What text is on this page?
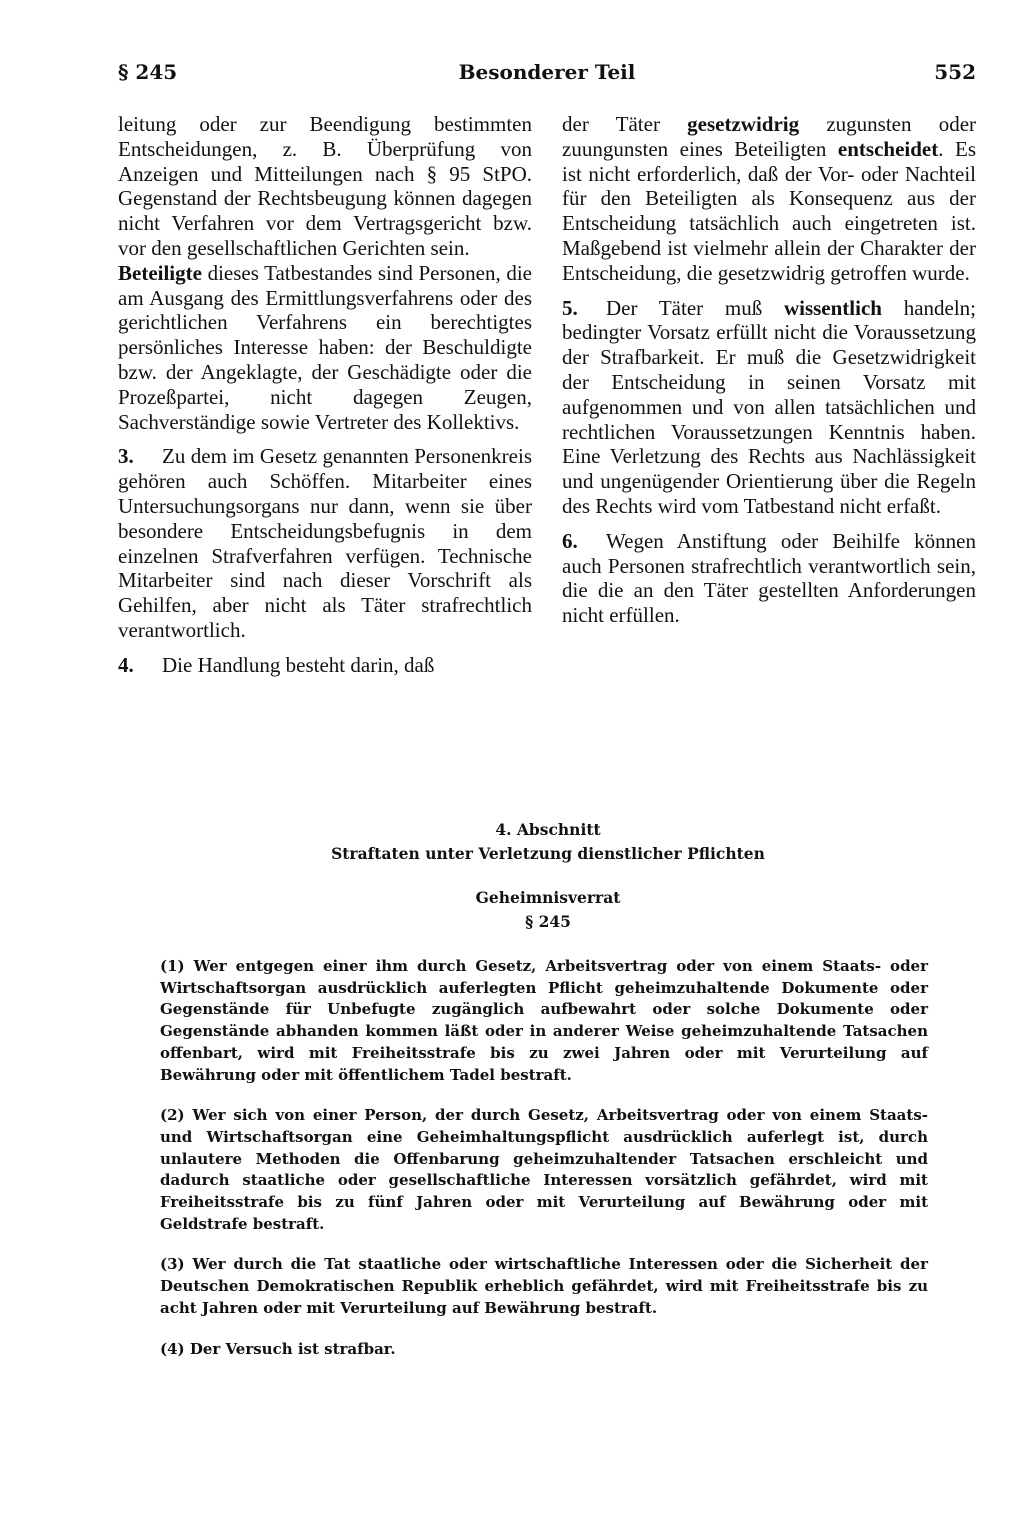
§ 245	Besonderer Teil	552

leitung oder zur Beendigung bestimmten Entscheidungen, z. B. Überprüfung von Anzeigen und Mitteilungen nach § 95 StPO. Gegenstand der Rechtsbeugung können dagegen nicht Verfahren vor dem Vertragsgericht bzw. vor den gesellschaftlichen Gerichten sein.

Beteiligte dieses Tatbestandes sind Personen, die am Ausgang des Ermittlungsverfahrens oder des gerichtlichen Verfahrens ein berechtigtes persönliches Interesse haben: der Beschuldigte bzw. der Angeklagte, der Geschädigte oder die Prozeßpartei, nicht dagegen Zeugen, Sachverständige sowie Vertreter des Kollektivs.

3. Zu dem im Gesetz genannten Personenkreis gehören auch Schöffen. Mitarbeiter eines Untersuchungsorgans nur dann, wenn sie über besondere Entscheidungsbefugnis in dem einzelnen Strafverfahren verfügen. Technische Mitarbeiter sind nach dieser Vorschrift als Gehilfen, aber nicht als Täter strafrechtlich verantwortlich.

4. Die Handlung besteht darin, daß

der Täter gesetzwidrig zugunsten oder zuungunsten eines Beteiligten entscheidet. Es ist nicht erforderlich, daß der Vor- oder Nachteil für den Beteiligten als Konsequenz aus der Entscheidung tatsächlich auch eingetreten ist. Maßgebend ist vielmehr allein der Charakter der Entscheidung, die gesetzwidrig getroffen wurde.

5. Der Täter muß wissentlich handeln; bedingter Vorsatz erfüllt nicht die Voraussetzung der Strafbarkeit. Er muß die Gesetzwidrigkeit der Entscheidung in seinen Vorsatz mit aufgenommen und von allen tatsächlichen und rechtlichen Voraussetzungen Kenntnis haben. Eine Verletzung des Rechts aus Nachlässigkeit und ungenügender Orientierung über die Regeln des Rechts wird vom Tatbestand nicht erfaßt.

6. Wegen Anstiftung oder Beihilfe können auch Personen strafrechtlich verantwortlich sein, die die an den Täter gestellten Anforderungen nicht erfüllen.

4. Abschnitt
Straftaten unter Verletzung dienstlicher Pflichten
Geheimnisverrat
§ 245

(1) Wer entgegen einer ihm durch Gesetz, Arbeitsvertrag oder von einem Staats- oder Wirtschaftsorgan ausdrücklich auferlegten Pflicht geheimzuhaltende Dokumente oder Gegenstände für Unbefugte zugänglich aufbewahrt oder solche Dokumente oder Gegenstände abhanden kommen läßt oder in anderer Weise geheimzuhaltende Tatsachen offenbart, wird mit Freiheitsstrafe bis zu zwei Jahren oder mit Verurteilung auf Bewährung oder mit öffentlichem Tadel bestraft.

(2) Wer sich von einer Person, der durch Gesetz, Arbeitsvertrag oder von einem Staats- und Wirtschaftsorgan eine Geheimhaltungspflicht ausdrücklich auferlegt ist, durch unlautere Methoden die Offenbarung geheimzuhaltender Tatsachen erschleicht und dadurch staatliche oder gesellschaftliche Interessen vorsätzlich gefährdet, wird mit Freiheitsstrafe bis zu fünf Jahren oder mit Verurteilung auf Bewährung oder mit Geldstrafe bestraft.

(3) Wer durch die Tat staatliche oder wirtschaftliche Interessen oder die Sicherheit der Deutschen Demokratischen Republik erheblich gefährdet, wird mit Freiheitsstrafe bis zu acht Jahren oder mit Verurteilung auf Bewährung bestraft.

(4) Der Versuch ist strafbar.
